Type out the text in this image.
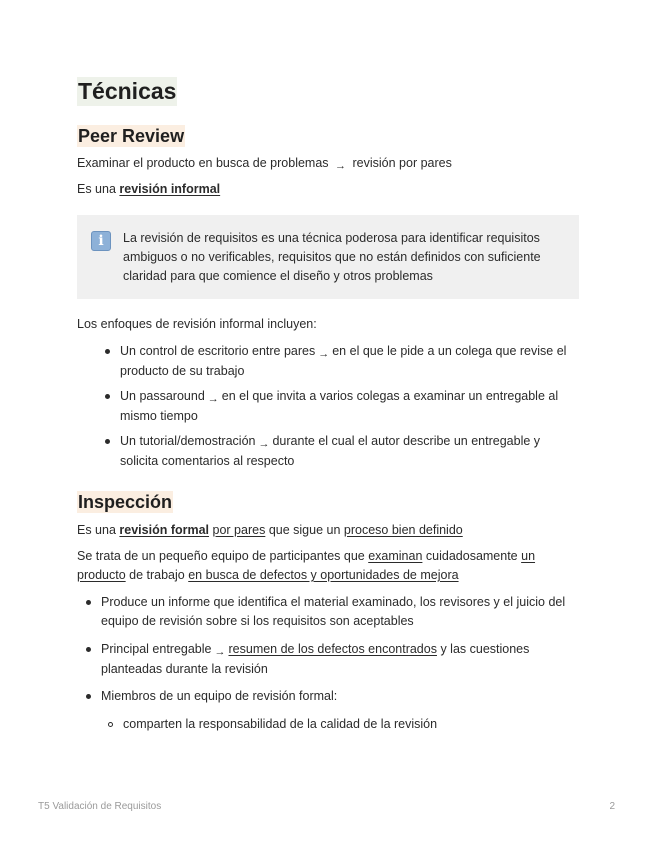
Técnicas
Peer Review

Examinar el producto en busca de problemas → revisión por pares

Es una revisión informal

i	La revisión de requisitos es una técnica poderosa para identificar requisitos ambiguos o no verificables, requisitos que no están definidos con suficiente claridad para que comience el diseño y otros problemas

Los enfoques de revisión informal incluyen:

Un control de escritorio entre pares → en el que le pide a un colega que revise el producto de su trabajo
Un passaround → en el que invita a varios colegas a examinar un entregable al mismo tiempo
Un tutorial/demostración → durante el cual el autor describe un entregable y solicita comentarios al respecto
Inspección

Es una revisión formal por pares que sigue un proceso bien definido

Se trata de un pequeño equipo de participantes que examinan cuidadosamente un producto de trabajo en busca de defectos y oportunidades de mejora

Produce un informe que identifica el material examinado, los revisores y el juicio del equipo de revisión sobre si los requisitos son aceptables
Principal entregable → resumen de los defectos encontrados y las cuestiones planteadas durante la revisión
Miembros de un equipo de revisión formal:
comparten la responsabilidad de la calidad de la revisión
T5 Validación de Requisitos	2
